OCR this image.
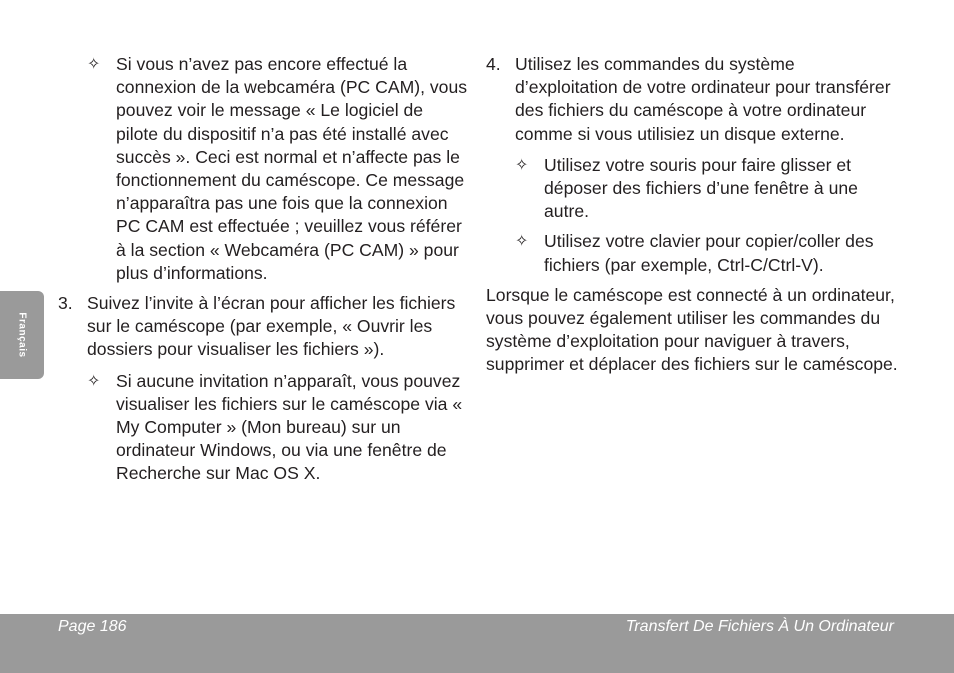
✧ Si vous n’avez pas encore effectué la connexion de la webcaméra (PC CAM), vous pouvez voir le message « Le logiciel de pilote du dispositif n’a pas été installé avec succès ». Ceci est normal et n’affecte pas le fonctionnement du caméscope. Ce message n’apparaîtra pas une fois que la connexion PC CAM est effectuée ; veuillez vous référer à la section « Webcaméra (PC CAM) » pour plus d’informations.
3. Suivez l’invite à l’écran pour afficher les fichiers sur le caméscope (par exemple, « Ouvrir les dossiers pour visualiser les fichiers »).
✧ Si aucune invitation n’apparaît, vous pouvez visualiser les fichiers sur le caméscope via « My Computer » (Mon bureau) sur un ordinateur Windows, ou via une fenêtre de Recherche sur Mac OS X.
4. Utilisez les commandes du système d’exploitation de votre ordinateur pour transférer des fichiers du caméscope à votre ordinateur comme si vous utilisiez un disque externe.
✧ Utilisez votre souris pour faire glisser et déposer des fichiers d’une fenêtre à une autre.
✧ Utilisez votre clavier pour copier/coller des fichiers (par exemple, Ctrl-C/Ctrl-V).

Lorsque le caméscope est connecté à un ordinateur, vous pouvez également utiliser les commandes du système d’exploitation pour naviguer à travers, supprimer et déplacer des fichiers sur le caméscope.

Français
Page 186	Transfert De Fichiers À Un Ordinateur
